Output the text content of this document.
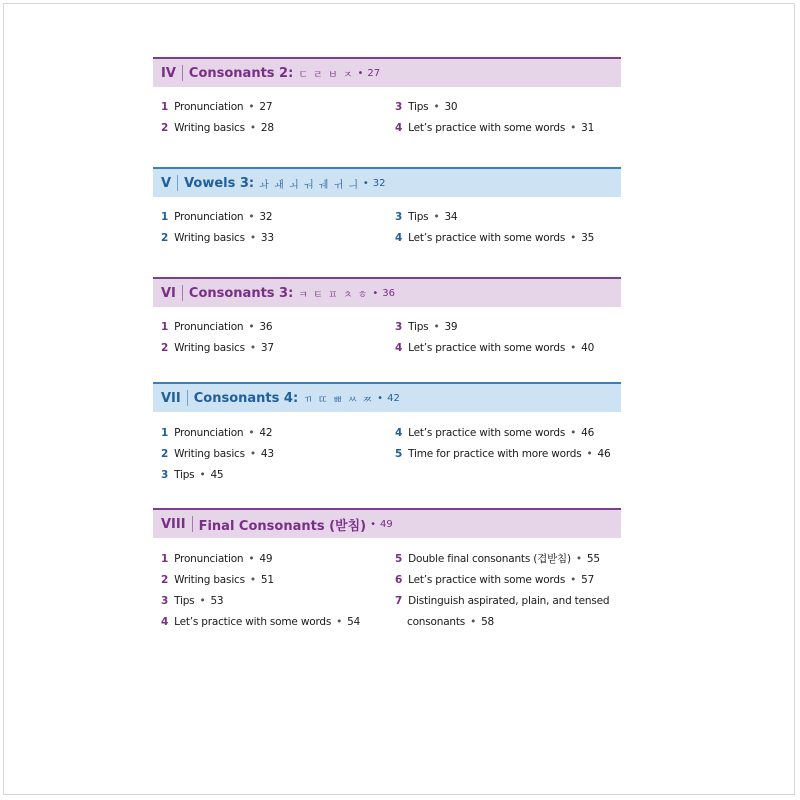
IV Consonants 2: ㄷ ㄹ ㅂ ㅈ • 27
1 Pronunciation • 27
2 Writing basics • 28
3 Tips • 30
4 Let’s practice with some words • 31
V Vowels 3: ㅘ ㅙ ㅚ ㅝ ㅞ ㅟ ㅢ • 32
1 Pronunciation • 32
2 Writing basics • 33
3 Tips • 34
4 Let’s practice with some words • 35
VI Consonants 3: ㅋ ㅌ ㅍ ㅊ ㅎ • 36
1 Pronunciation • 36
2 Writing basics • 37
3 Tips • 39
4 Let’s practice with some words • 40
VII Consonants 4: ㄲ ㄸ ㅃ ㅆ ㅉ • 42
1 Pronunciation • 42
2 Writing basics • 43
3 Tips • 45
4 Let’s practice with some words • 46
5 Time for practice with more words • 46
VIII Final Consonants (받침) • 49
1 Pronunciation • 49
2 Writing basics • 51
3 Tips • 53
4 Let’s practice with some words • 54
5 Double final consonants (겹받침) • 55
6 Let’s practice with some words • 57
7 Distinguish aspirated, plain, and tensed
consonants • 58
